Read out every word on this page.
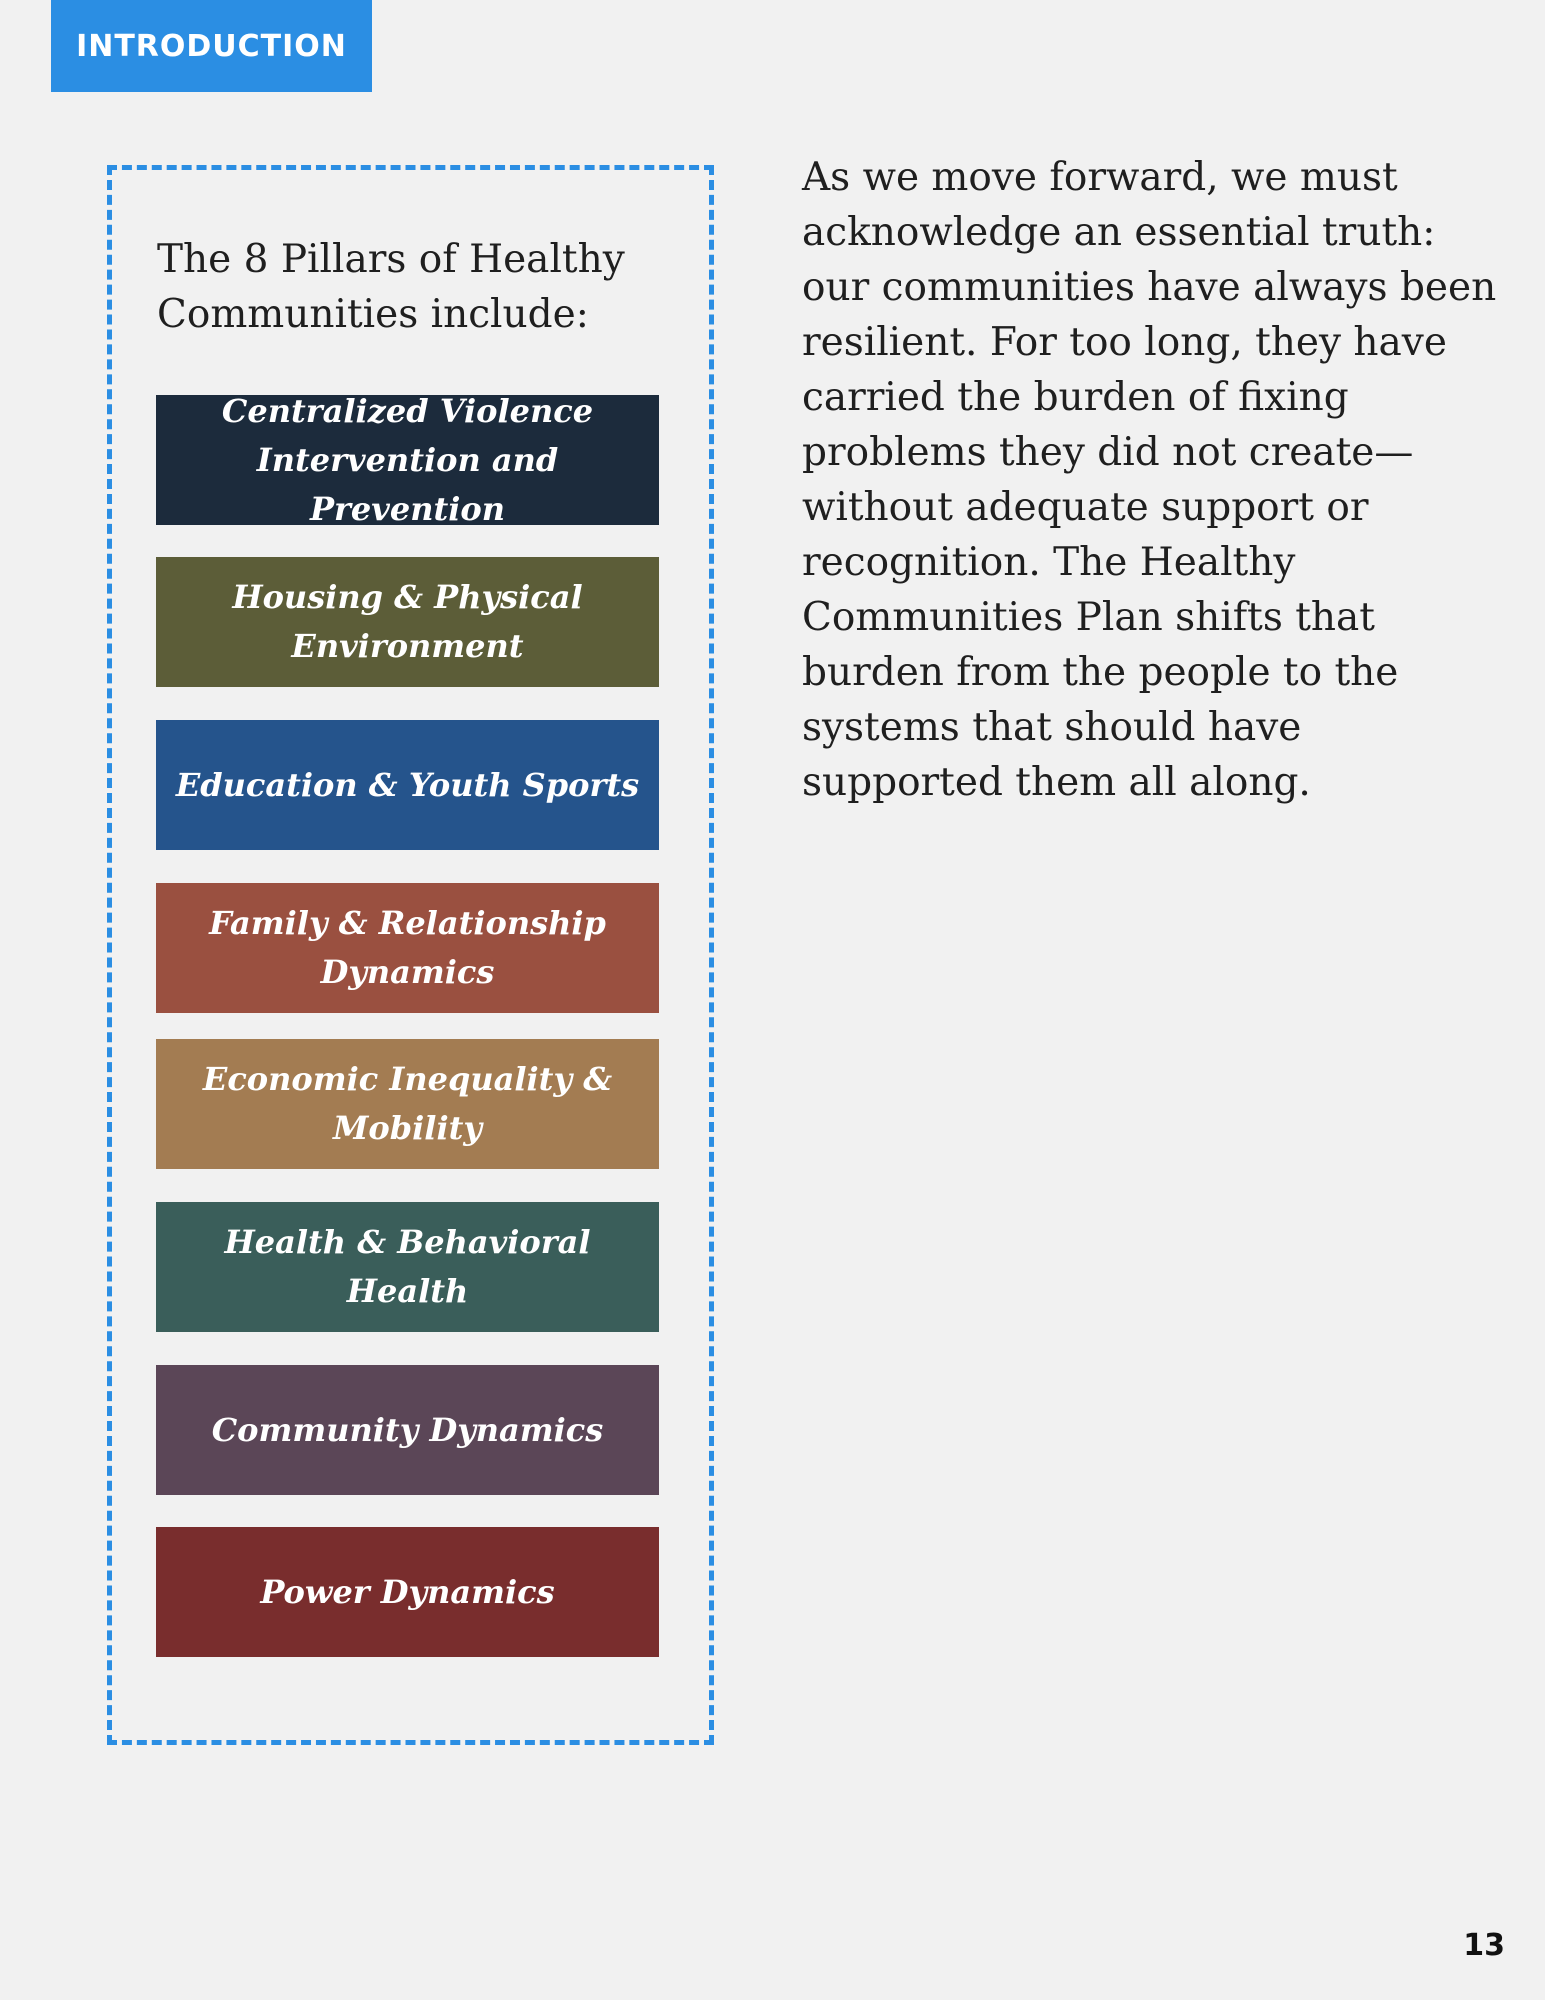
INTRODUCTION

The 8 Pillars of Healthy Communities include:

Centralized Violence Intervention and Prevention
Housing & Physical Environment
Education & Youth Sports
Family & Relationship Dynamics
Economic Inequality & Mobility
Health & Behavioral Health
Community Dynamics
Power Dynamics

As we move forward, we must acknowledge an essential truth: our communities have always been resilient. For too long, they have carried the burden of fixing problems they did not create—without adequate support or recognition. The Healthy Communities Plan shifts that burden from the people to the systems that should have supported them all along.

13
